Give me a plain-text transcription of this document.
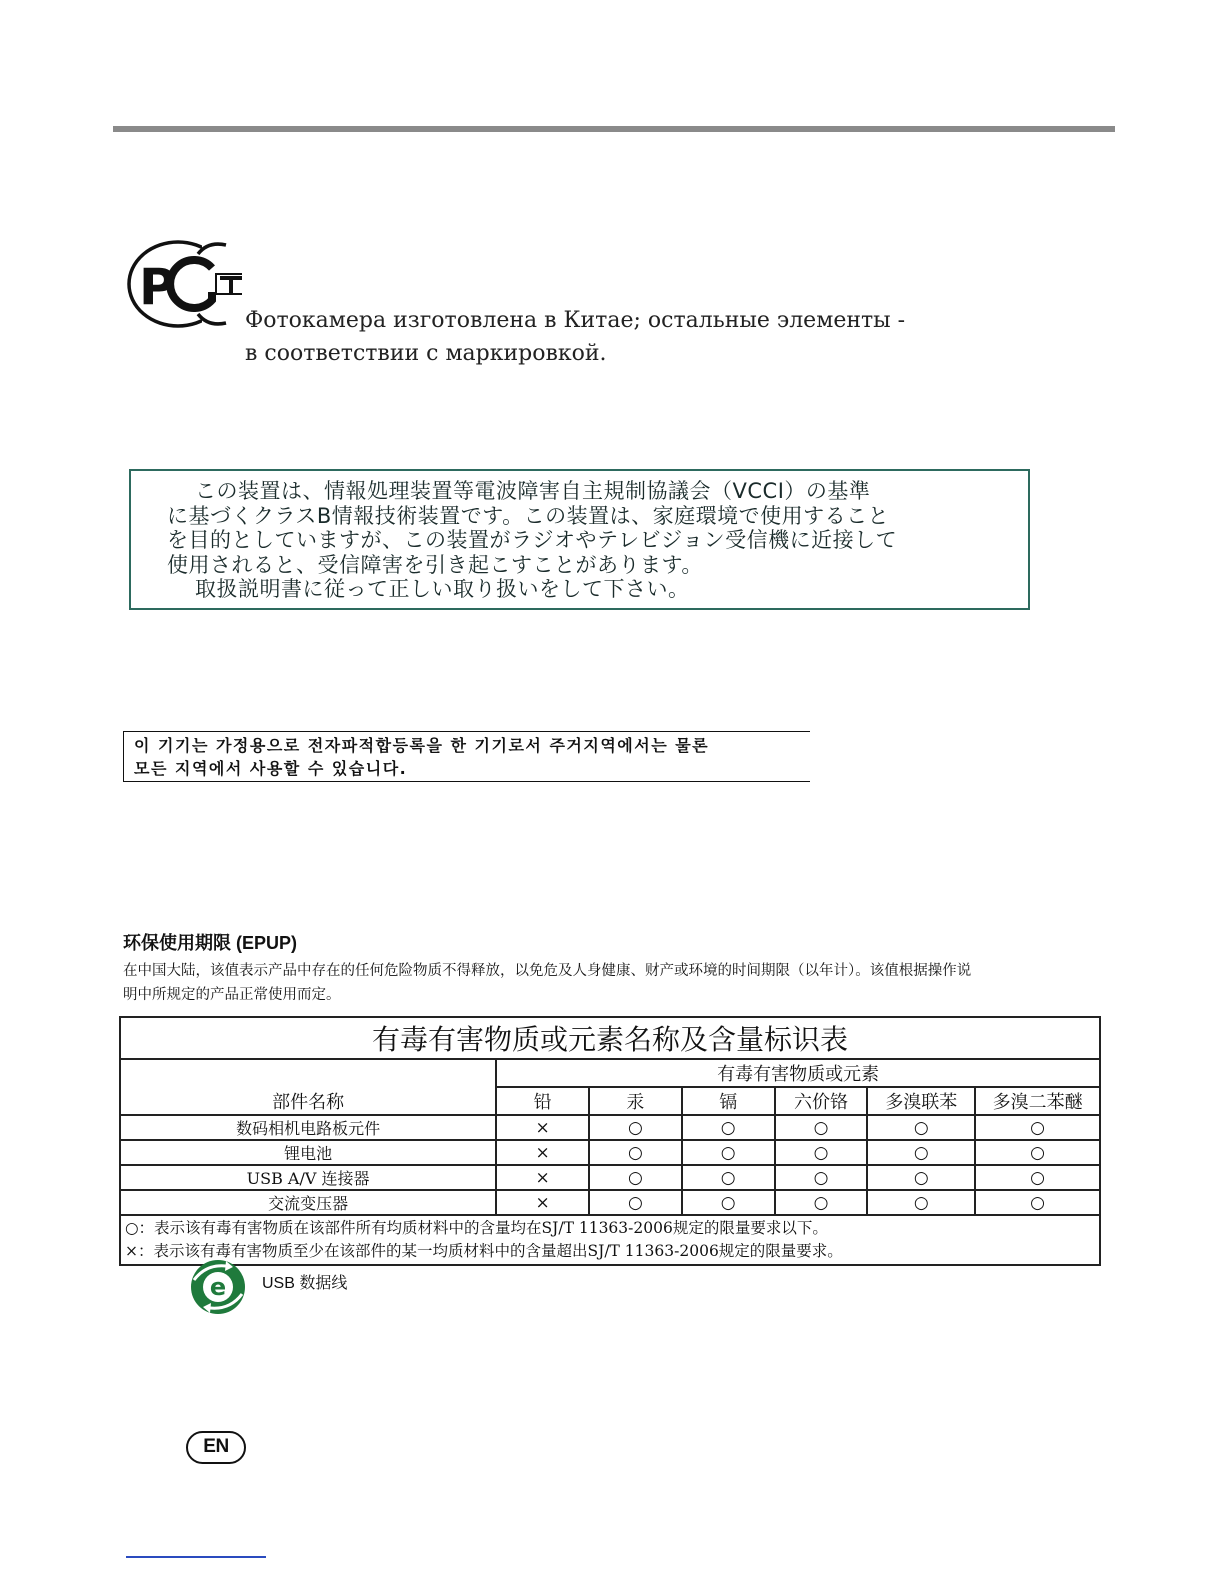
P
Фотокамера изготовлена в Китае; остальные элементы -
в соответствии с маркировкой.
この装置は、情報処理装置等電波障害自主規制協議会（VCCI）の基準
に基づくクラスB情報技術装置です。この装置は、家庭環境で使用すること
を目的としていますが、この装置がラジオやテレビジョン受信機に近接して
使用されると、受信障害を引き起こすことがあります。
取扱説明書に従って正しい取り扱いをして下さい。
이 기기는 가정용으로 전자파적합등록을 한 기기로서 주거지역에서는 물론
모든 지역에서 사용할 수 있습니다.
环保使用期限 (EPUP)
在中国大陆，该值表示产品中存在的任何危险物质不得释放，以免危及人身健康、财产或环境的时间期限（以年计）。该值根据操作说
明中所规定的产品正常使用而定。
有毒有害物质或元素名称及含量标识表						
部件名称	有毒有害物质或元素					
	铅	汞	镉	六价铬	多溴联苯	多溴二苯醚
数码相机电路板元件	×	○	○	○	○	○
锂电池	×	○	○	○	○	○
USB A/V 连接器	×	○	○	○	○	○
交流变压器	×	○	○	○	○	○

○：表示该有毒有害物质在该部件所有均质材料中的含量均在SJ/T 11363-2006规定的限量要求以下。
×：表示该有毒有害物质至少在该部件的某一均质材料中的含量超出SJ/T 11363-2006规定的限量要求。						
e USB 数据线
EN
